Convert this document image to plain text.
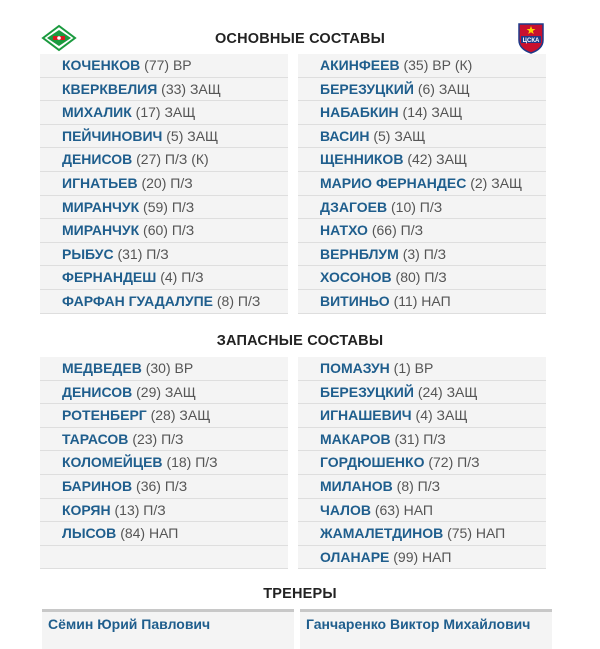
ОСНОВНЫЕ СОСТАВЫ	ЦСКА
КОЧЕНКОВ (77) ВР
КВЕРКВЕЛИЯ (33) ЗАЩ
МИХАЛИК (17) ЗАЩ
ПЕЙЧИНОВИЧ (5) ЗАЩ
ДЕНИСОВ (27) П/З (К)
ИГНАТЬЕВ (20) П/З
МИРАНЧУК (59) П/З
МИРАНЧУК (60) П/З
РЫБУС (31) П/З
ФЕРНАНДЕШ (4) П/З
ФАРФАН ГУАДАЛУПЕ (8) П/З
АКИНФЕЕВ (35) ВР (К)
БЕРЕЗУЦКИЙ (6) ЗАЩ
НАБАБКИН (14) ЗАЩ
ВАСИН (5) ЗАЩ
ЩЕННИКОВ (42) ЗАЩ
МАРИО ФЕРНАНДЕС (2) ЗАЩ
ДЗАГОЕВ (10) П/З
НАТХО (66) П/З
ВЕРНБЛУМ (3) П/З
ХОСОНОВ (80) П/З
ВИТИНЬО (11) НАП
ЗАПАСНЫЕ СОСТАВЫ
МЕДВЕДЕВ (30) ВР
ДЕНИСОВ (29) ЗАЩ
РОТЕНБЕРГ (28) ЗАЩ
ТАРАСОВ (23) П/З
КОЛОМЕЙЦЕВ (18) П/З
БАРИНОВ (36) П/З
КОРЯН (13) П/З
ЛЫСОВ (84) НАП
ПОМАЗУН (1) ВР
БЕРЕЗУЦКИЙ (24) ЗАЩ
ИГНАШЕВИЧ (4) ЗАЩ
МАКАРОВ (31) П/З
ГОРДЮШЕНКО (72) П/З
МИЛАНОВ (8) П/З
ЧАЛОВ (63) НАП
ЖАМАЛЕТДИНОВ (75) НАП
ОЛАНАРЕ (99) НАП
ТРЕНЕРЫ
Сёмин Юрий Павлович	Ганчаренко Виктор Михайлович
